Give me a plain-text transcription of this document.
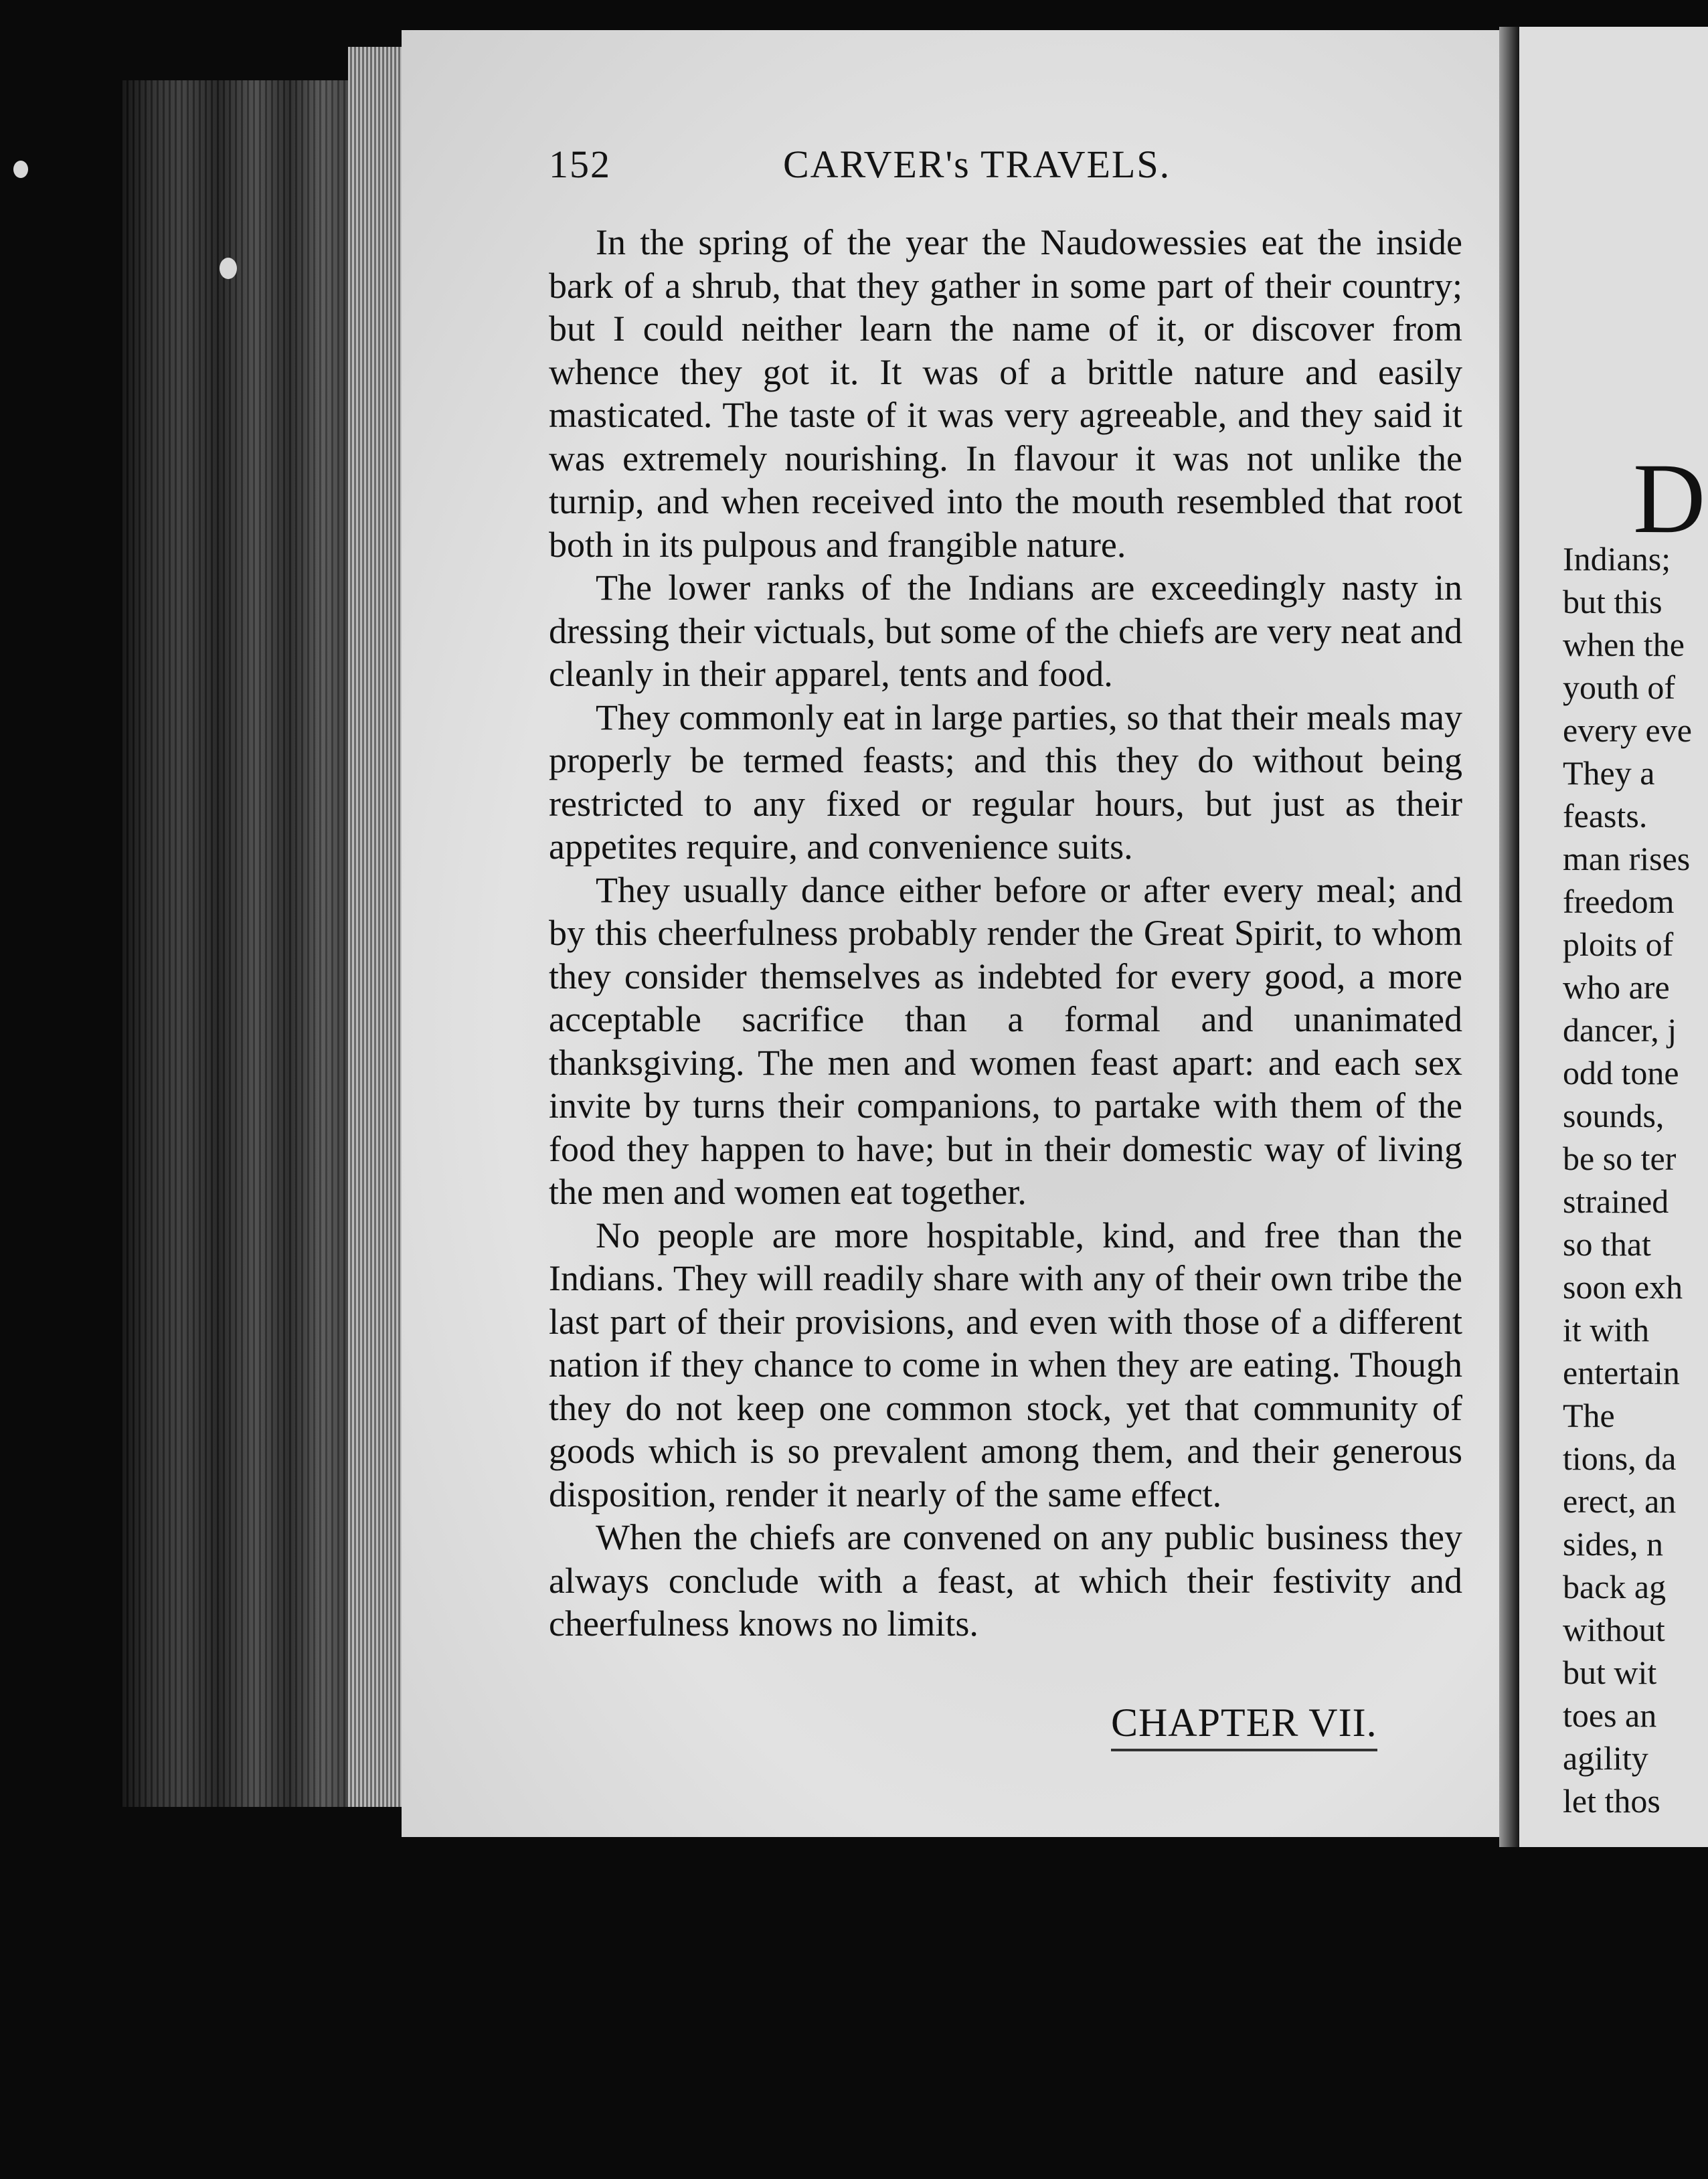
D
Indians;
but this
when the
youth of
every eve
They a
feasts.
man rises
freedom
ploits of
who are
dancer, j
odd tone
sounds,
be so ter
strained
so that
soon exh
it with
entertain
The
tions, da
erect, an
sides, n
back ag
without
but wit
toes an
agility
let thos
152	CARVER's TRAVELS.

In the spring of the year the Naudowessies eat the inside bark of a shrub, that they gather in some part of their country; but I could neither learn the name of it, or discover from whence they got it. It was of a brittle nature and easily masticated. The taste of it was very agreeable, and they said it was extremely nourishing. In flavour it was not unlike the turnip, and when received into the mouth resembled that root both in its pulpous and frangible nature.

The lower ranks of the Indians are exceedingly nasty in dressing their victuals, but some of the chiefs are very neat and cleanly in their apparel, tents and food.

They commonly eat in large parties, so that their meals may properly be termed feasts; and this they do without being restricted to any fixed or regular hours, but just as their appetites require, and convenience suits.

They usually dance either before or after every meal; and by this cheerfulness probably render the Great Spirit, to whom they consider themselves as indebted for every good, a more acceptable sacrifice than a formal and unanimated thanksgiving. The men and women feast apart: and each sex invite by turns their companions, to partake with them of the food they happen to have; but in their domestic way of living the men and women eat together.

No people are more hospitable, kind, and free than the Indians. They will readily share with any of their own tribe the last part of their provisions, and even with those of a different nation if they chance to come in when they are eating. Though they do not keep one common stock, yet that community of goods which is so prevalent among them, and their generous disposition, render it nearly of the same effect.

When the chiefs are convened on any public business they always conclude with a feast, at which their festivity and cheerfulness knows no limits.

CHAPTER VII.
